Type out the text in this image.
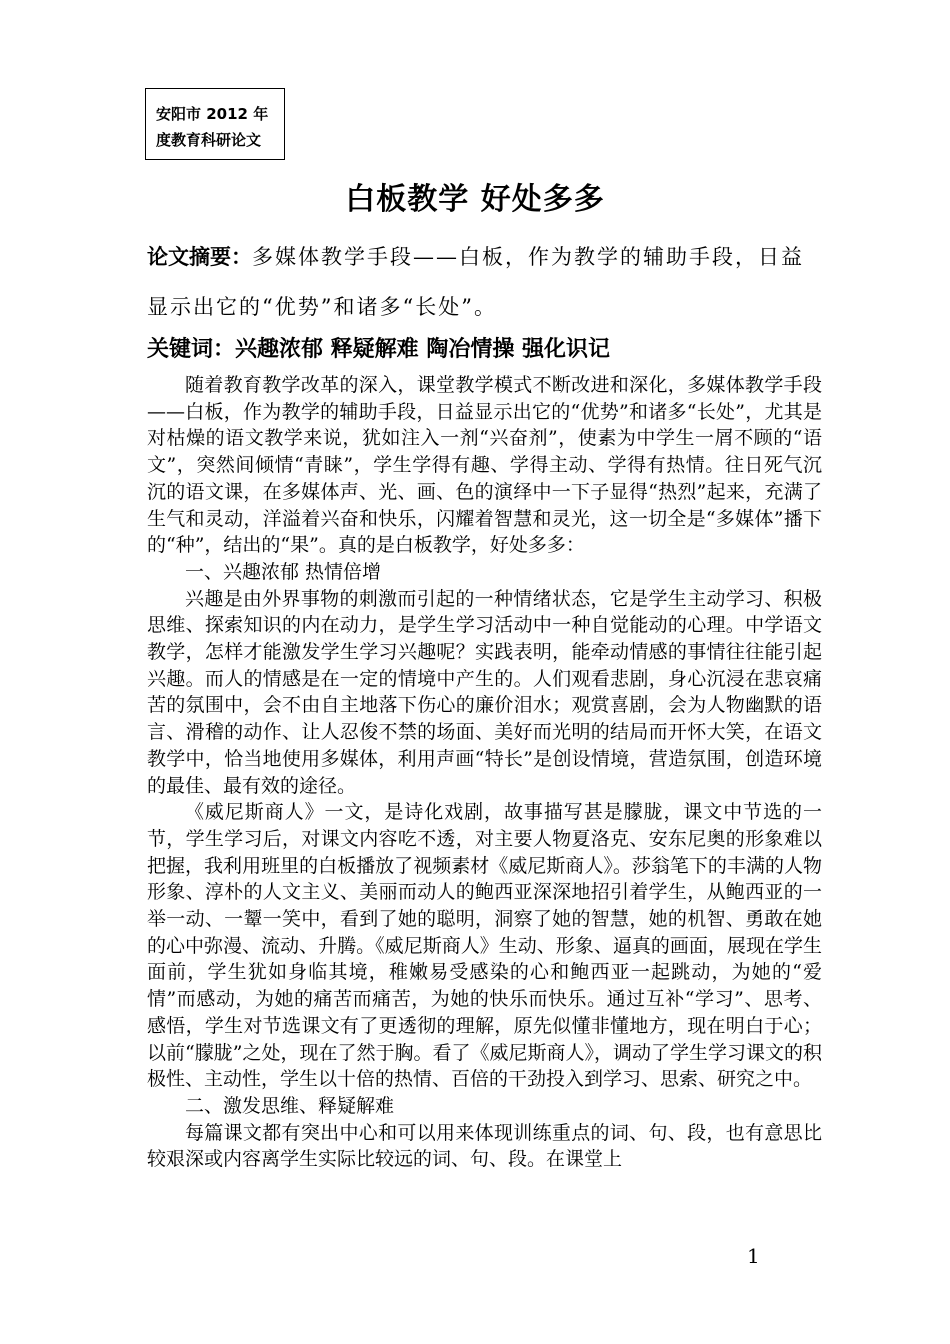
安阳市 2012 年
度教育科研论文
白板教学 好处多多
论文摘要：多媒体教学手段——白板，作为教学的辅助手段，日益显示出它的“优势”和诸多“长处”。
关键词：兴趣浓郁 释疑解难 陶冶情操 强化识记

随着教育教学改革的深入，课堂教学模式不断改进和深化，多媒体教学手段——白板，作为教学的辅助手段，日益显示出它的“优势”和诸多“长处”，尤其是对枯燥的语文教学来说，犹如注入一剂“兴奋剂”，使素为中学生一屑不顾的“语文”，突然间倾情“青睐”，学生学得有趣、学得主动、学得有热情。往日死气沉沉的语文课，在多媒体声、光、画、色的演绎中一下子显得“热烈”起来，充满了生气和灵动，洋溢着兴奋和快乐，闪耀着智慧和灵光，这一切全是“多媒体”播下的“种”，结出的“果”。真的是白板教学，好处多多：

一、兴趣浓郁 热情倍增

兴趣是由外界事物的刺激而引起的一种情绪状态，它是学生主动学习、积极思维、探索知识的内在动力，是学生学习活动中一种自觉能动的心理。中学语文教学，怎样才能激发学生学习兴趣呢？实践表明，能牵动情感的事情往往能引起兴趣。而人的情感是在一定的情境中产生的。人们观看悲剧，身心沉浸在悲哀痛苦的氛围中，会不由自主地落下伤心的廉价泪水；观赏喜剧，会为人物幽默的语言、滑稽的动作、让人忍俊不禁的场面、美好而光明的结局而开怀大笑，在语文教学中，恰当地使用多媒体，利用声画“特长”是创设情境，营造氛围，创造环境的最佳、最有效的途径。

《威尼斯商人》一文，是诗化戏剧，故事描写甚是朦胧，课文中节选的一节，学生学习后，对课文内容吃不透，对主要人物夏洛克、安东尼奥的形象难以把握，我利用班里的白板播放了视频素材《威尼斯商人》。莎翁笔下的丰满的人物形象、淳朴的人文主义、美丽而动人的鲍西亚深深地招引着学生，从鲍西亚的一举一动、一颦一笑中，看到了她的聪明，洞察了她的智慧，她的机智、勇敢在她的心中弥漫、流动、升腾。《威尼斯商人》生动、形象、逼真的画面，展现在学生面前，学生犹如身临其境，稚嫩易受感染的心和鲍西亚一起跳动，为她的“爱情”而感动，为她的痛苦而痛苦，为她的快乐而快乐。通过互补“学习”、思考、感悟，学生对节选课文有了更透彻的理解，原先似懂非懂地方，现在明白于心；以前“朦胧”之处，现在了然于胸。看了《威尼斯商人》，调动了学生学习课文的积极性、主动性，学生以十倍的热情、百倍的干劲投入到学习、思索、研究之中。

二、激发思维、释疑解难

每篇课文都有突出中心和可以用来体现训练重点的词、句、段，也有意思比较艰深或内容离学生实际比较远的词、句、段。在课堂上

1
